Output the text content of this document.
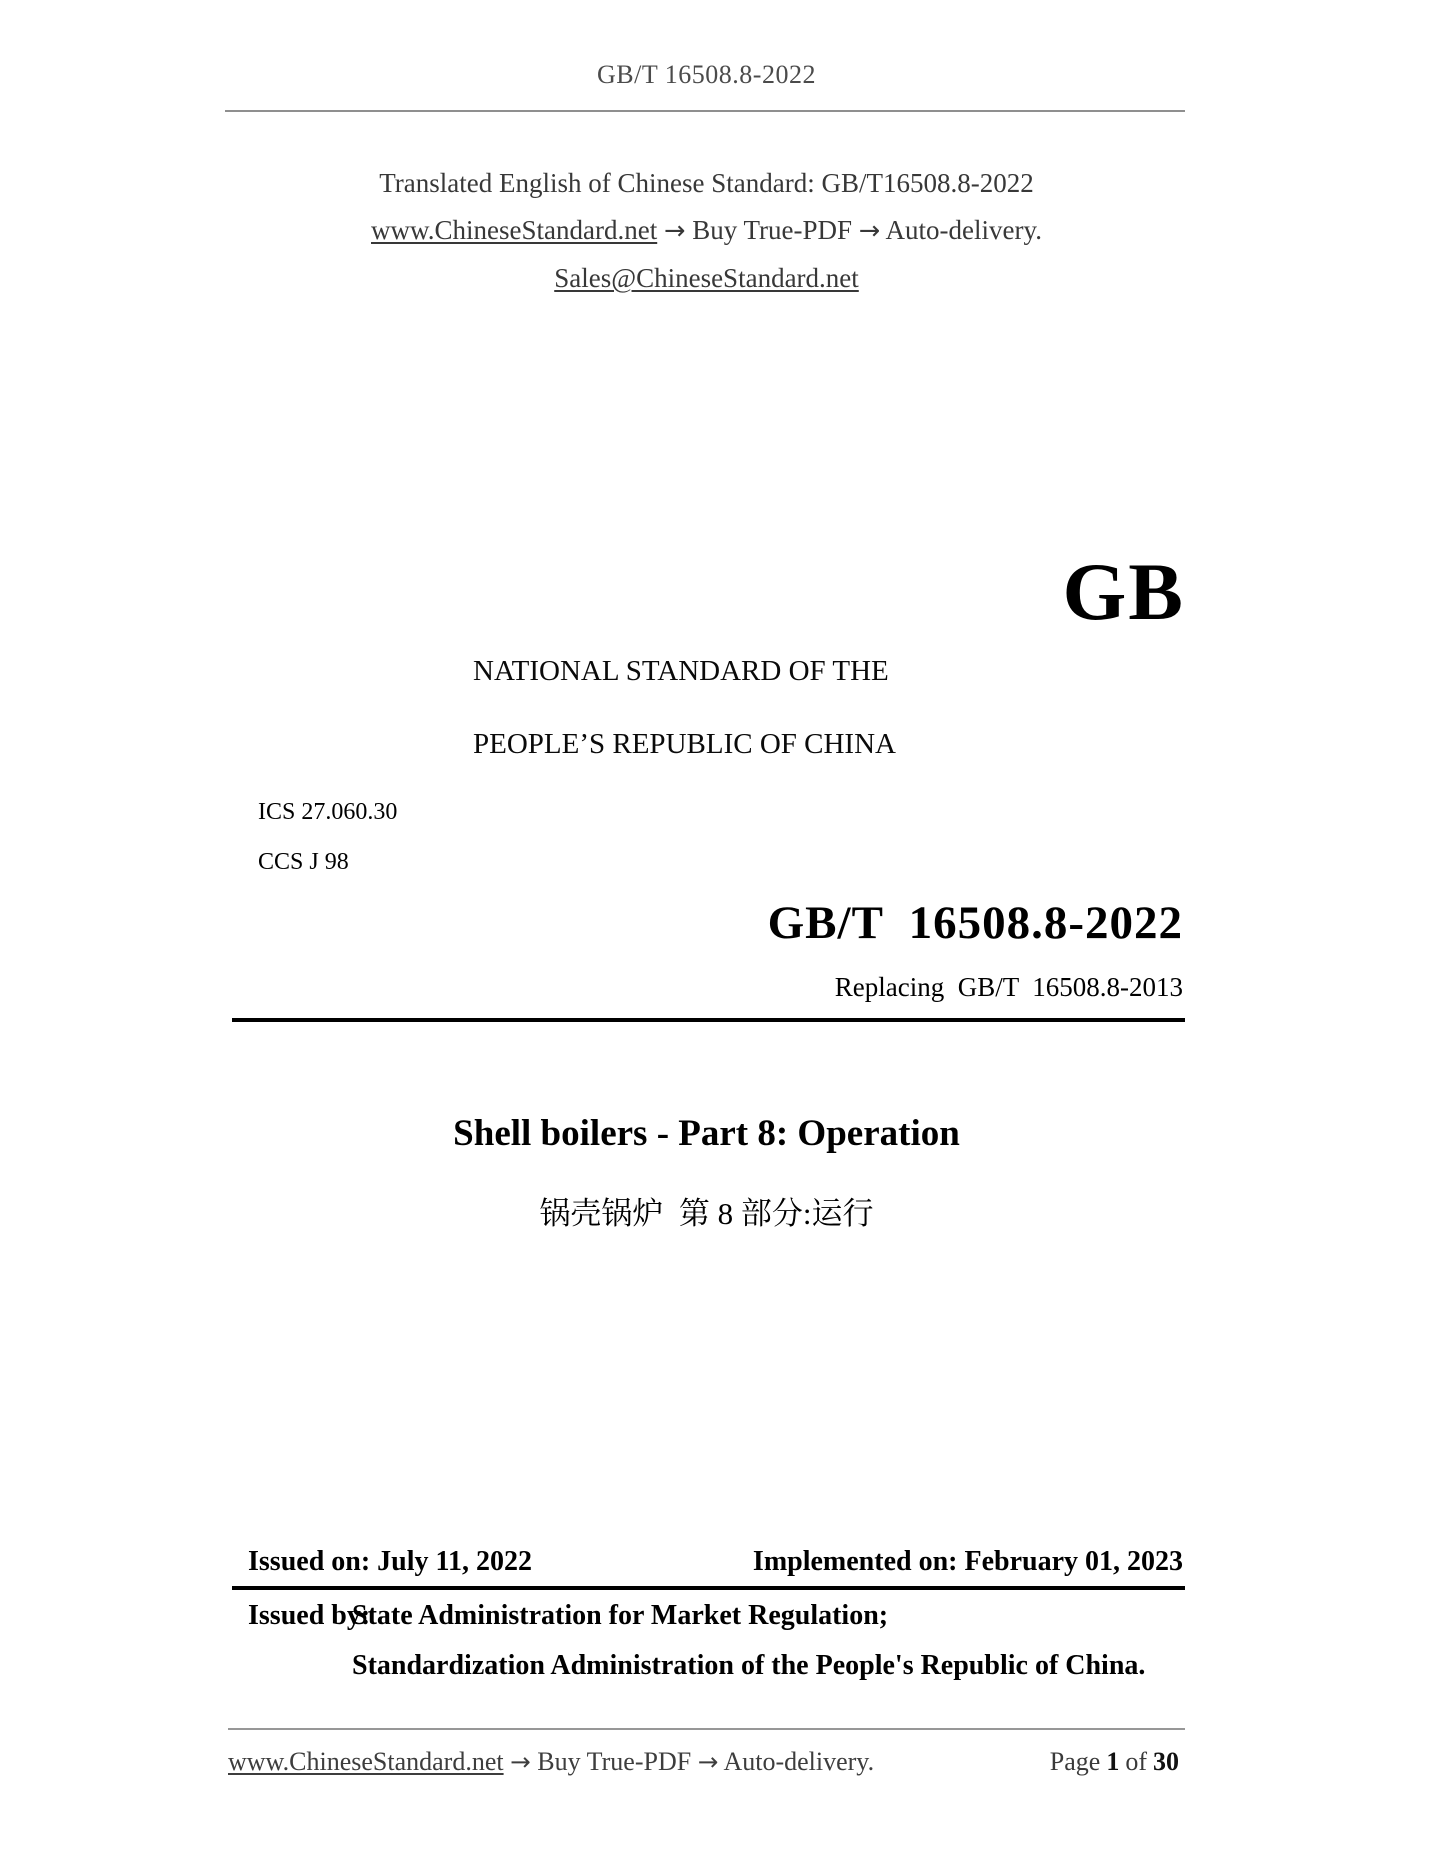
GB/T 16508.8-2022
Translated English of Chinese Standard: GB/T16508.8-2022
www.ChineseStandard.net → Buy True-PDF → Auto-delivery.
Sales@ChineseStandard.net
GB
NATIONAL STANDARD OF THE
PEOPLE’S REPUBLIC OF CHINA
ICS 27.060.30
CCS J 98
GB/T  16508.8-2022
Replacing  GB/T  16508.8-2013
Shell boilers - Part 8: Operation
锅壳锅炉  第 8 部分:运行
Issued on: July 11, 2022	Implemented on: February 01, 2023
Issued by:
State Administration for Market Regulation;
Standardization Administration of the People's Republic of China.
www.ChineseStandard.net → Buy True-PDF → Auto-delivery.	Page 1 of 30
